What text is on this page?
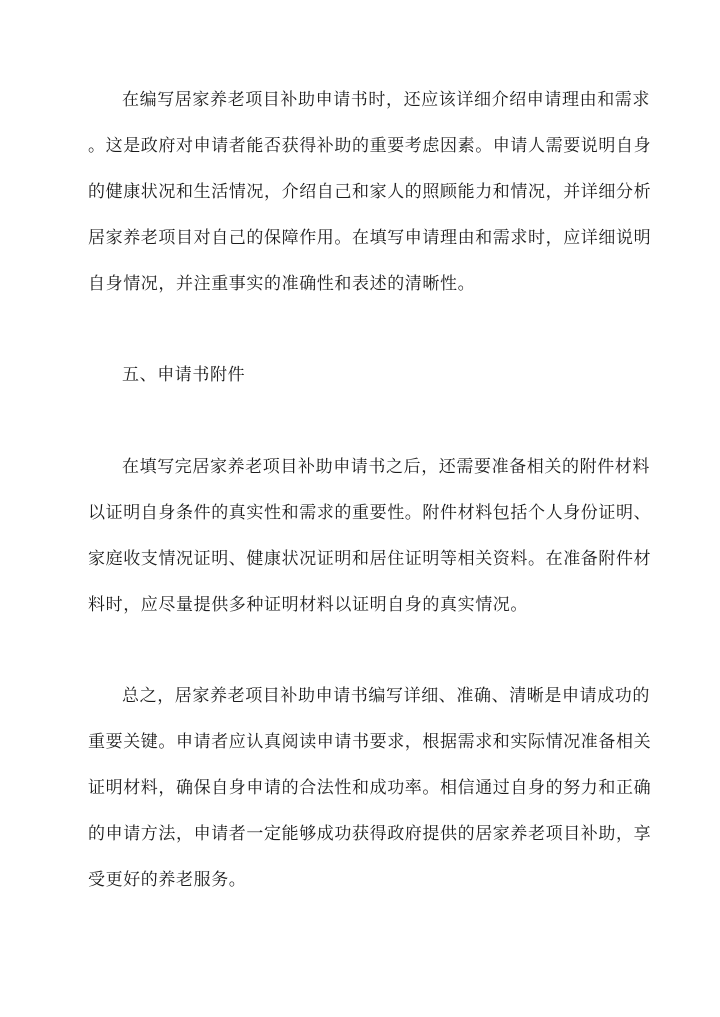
在编写居家养老项目补助申请书时，还应该详细介绍申请理由和需求
。这是政府对申请者能否获得补助的重要考虑因素。申请人需要说明自身
的健康状况和生活情况，介绍自己和家人的照顾能力和情况，并详细分析
居家养老项目对自己的保障作用。在填写申请理由和需求时，应详细说明
自身情况，并注重事实的准确性和表述的清晰性。
五、申请书附件
在填写完居家养老项目补助申请书之后，还需要准备相关的附件材料
以证明自身条件的真实性和需求的重要性。附件材料包括个人身份证明、
家庭收支情况证明、健康状况证明和居住证明等相关资料。在准备附件材
料时，应尽量提供多种证明材料以证明自身的真实情况。
总之，居家养老项目补助申请书编写详细、准确、清晰是申请成功的
重要关键。申请者应认真阅读申请书要求，根据需求和实际情况准备相关
证明材料，确保自身申请的合法性和成功率。相信通过自身的努力和正确
的申请方法，申请者一定能够成功获得政府提供的居家养老项目补助，享
受更好的养老服务。
